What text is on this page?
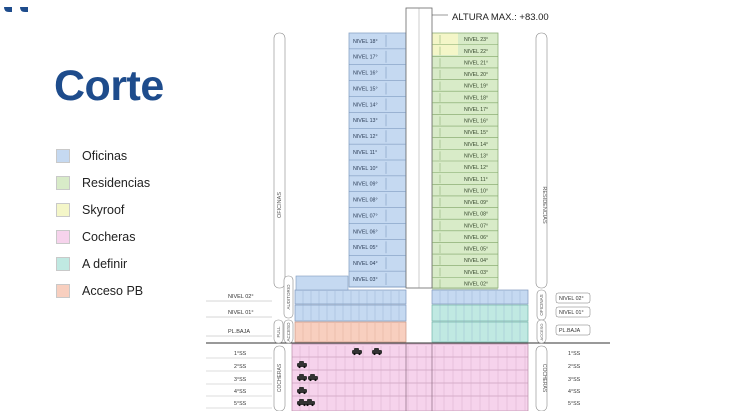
Corte
Oficinas
Residencias
Skyroof
Cocheras
A definir
Acceso PB
NIVEL 18°
NIVEL 17°
NIVEL 16°
NIVEL 15°
NIVEL 14°
NIVEL 13°
NIVEL 12°
NIVEL 11°
NIVEL 10°
NIVEL 09°
NIVEL 08°
NIVEL 07°
NIVEL 06°
NIVEL 05°
NIVEL 04°
NIVEL 03°
NIVEL 23°
NIVEL 22°
NIVEL 21°
NIVEL 20°
NIVEL 19°
NIVEL 18°
NIVEL 17°
NIVEL 16°
NIVEL 15°
NIVEL 14°
NIVEL 13°
NIVEL 12°
NIVEL 11°
NIVEL 10°
NIVEL 09°
NIVEL 08°
NIVEL 07°
NIVEL 06°
NIVEL 05°
NIVEL 04°
NIVEL 03°
NIVEL 02°
OFICINAS	RESIDENCIAS
AUDITORIO
FULL ACCESO
COCHERAS
OFICINAS
ACCESO
COCHERAS
NIVEL 02°
NIVEL 01°
PL.BAJA
NIVEL 02°
NIVEL 01°
PL.BAJA
1°SS
2°SS
3°SS
4°SS
5°SS
1°SS
2°SS
3°SS
4°SS
5°SS
ALTURA MAX.: +83.00
